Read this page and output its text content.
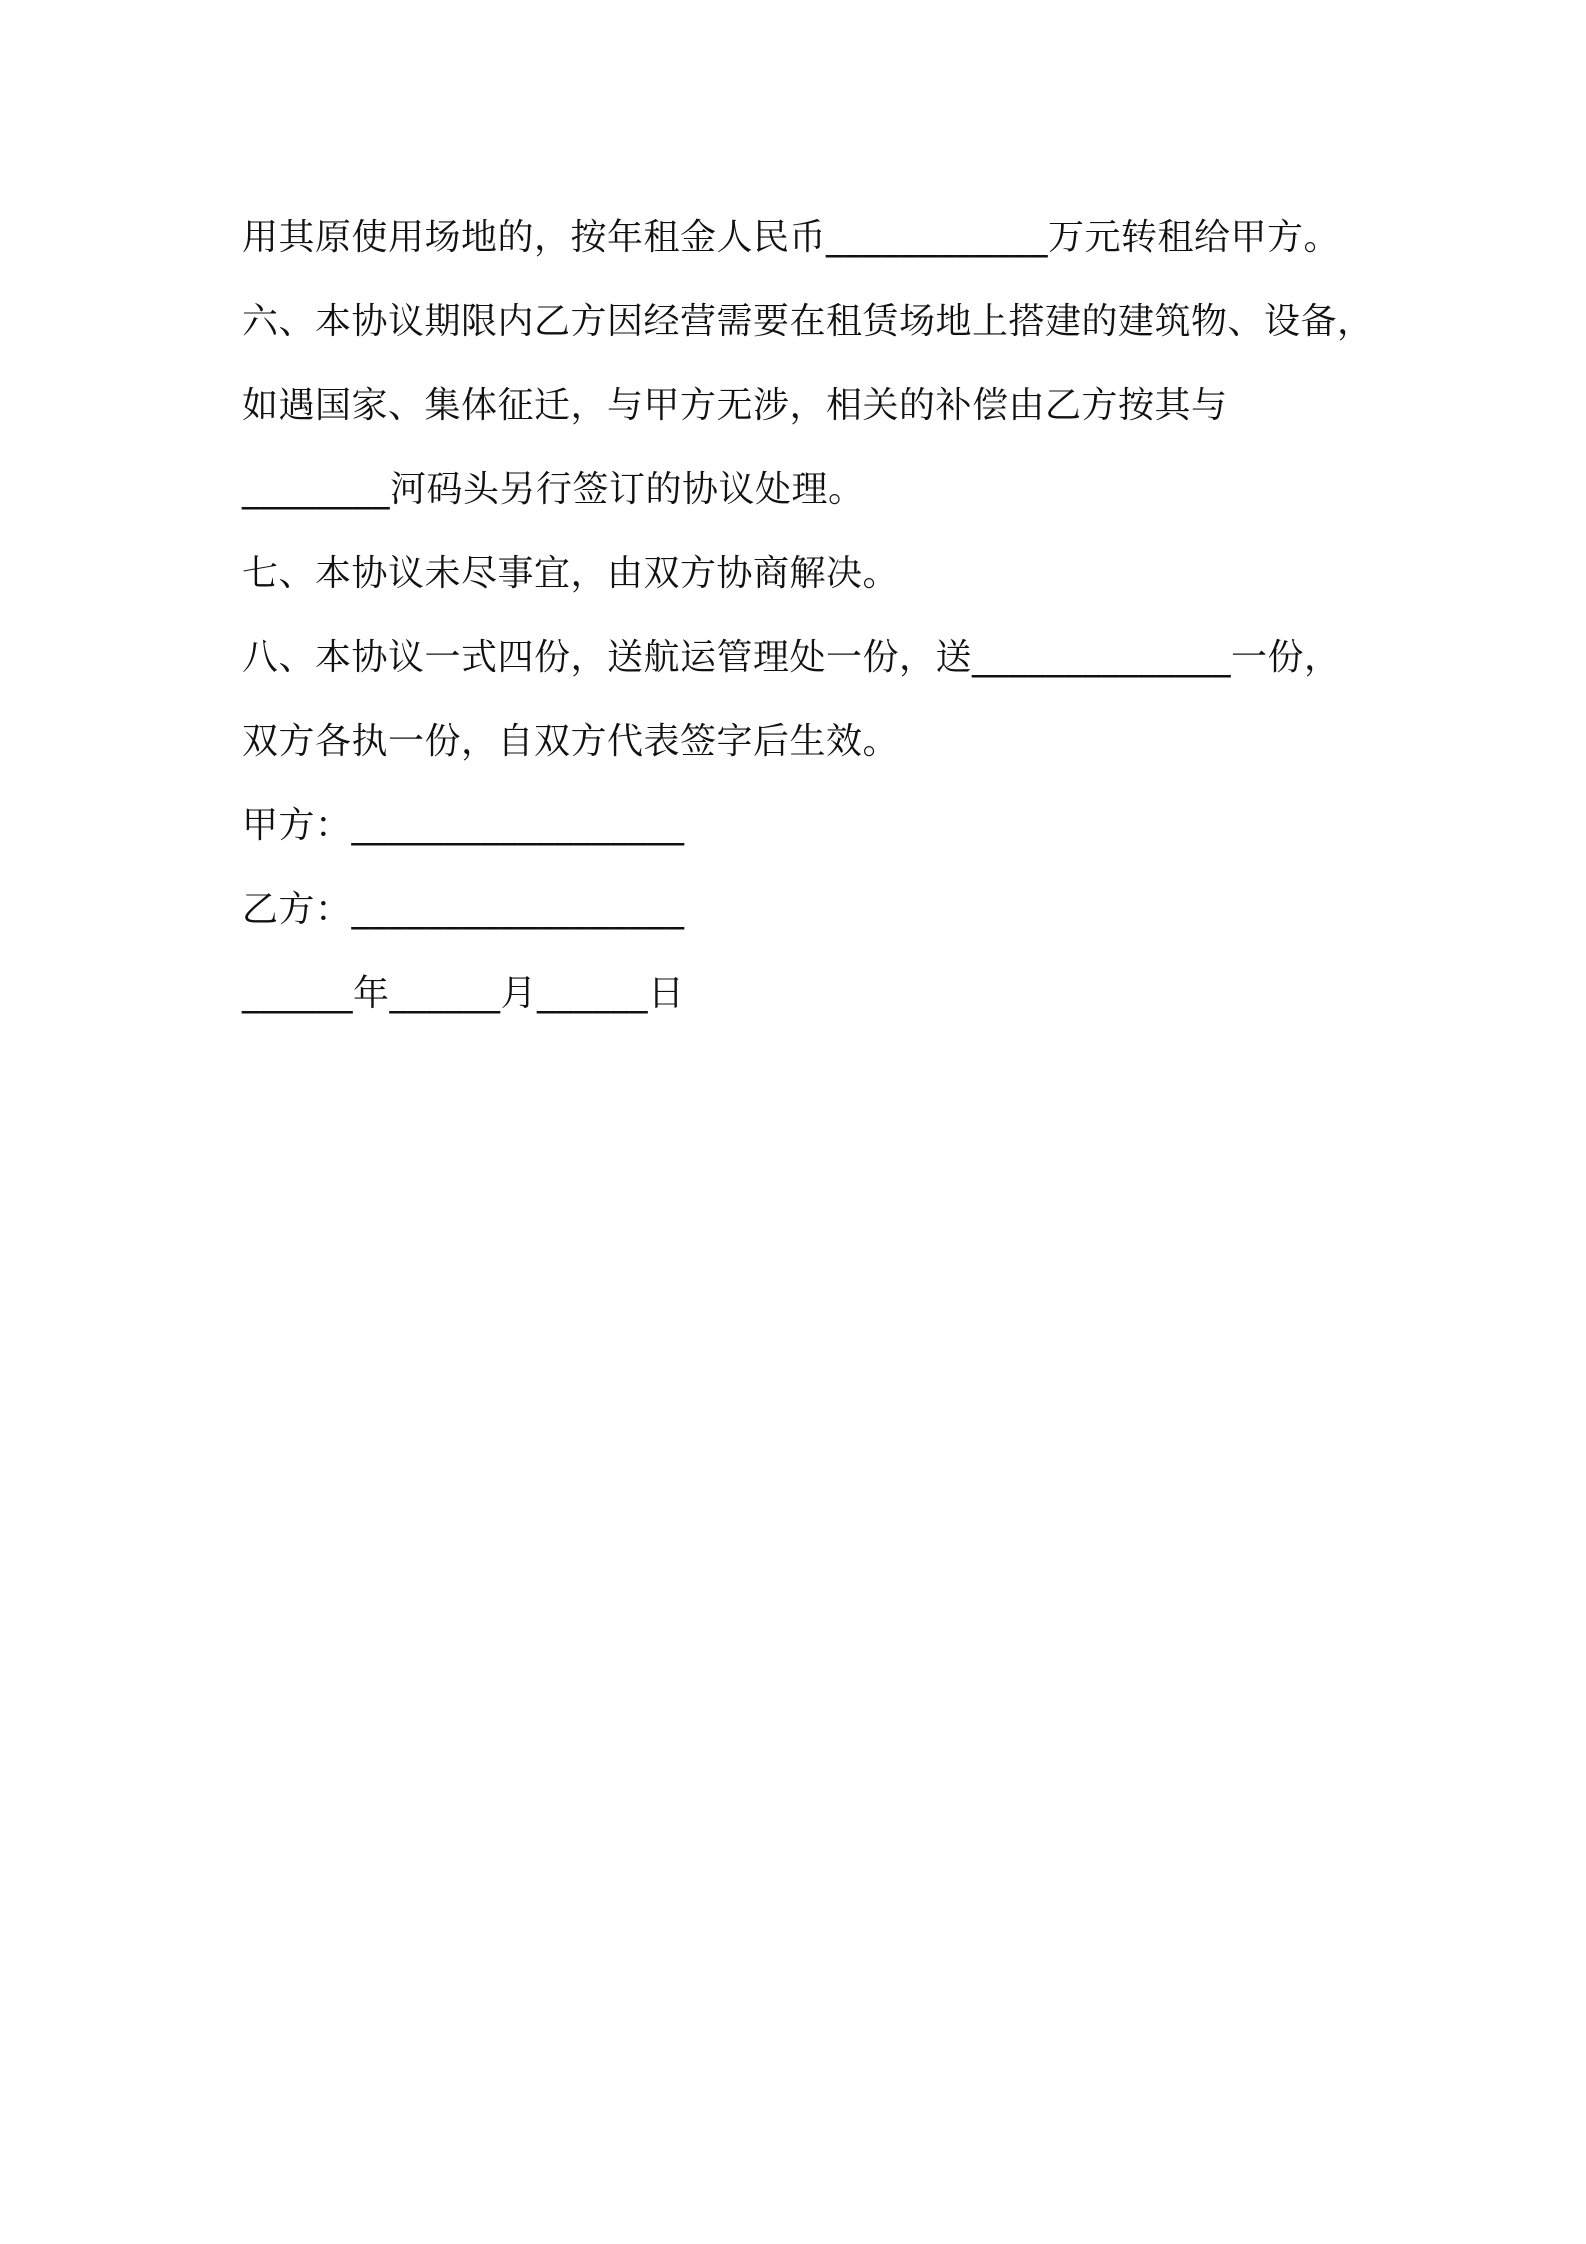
用其原使用场地的，按年租金人民币____________万元转租给甲方。
六、本协议期限内乙方因经营需要在租赁场地上搭建的建筑物、设备，
如遇国家、集体征迁，与甲方无涉，相关的补偿由乙方按其与
________河码头另行签订的协议处理。
七、本协议未尽事宜，由双方协商解决。
八、本协议一式四份，送航运管理处一份，送______________一份，
双方各执一份，自双方代表签字后生效。
甲方：__________________
乙方：__________________
______年______月______日
